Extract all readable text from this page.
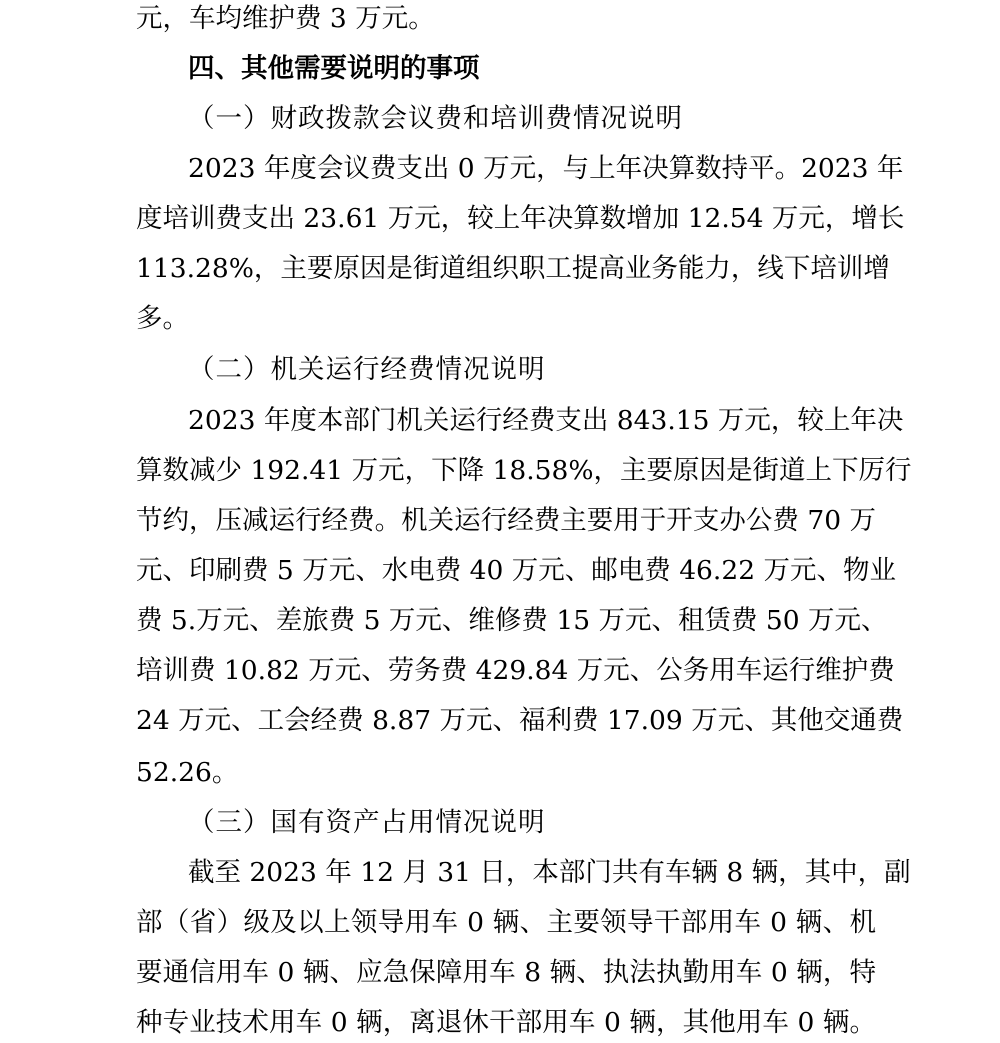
元，车均维护费 3 万元。
四、其他需要说明的事项
（一）财政拨款会议费和培训费情况说明
2023 年度会议费支出 0 万元，与上年决算数持平。2023 年
度培训费支出 23.61 万元，较上年决算数增加 12.54 万元，增长
113.28%，主要原因是街道组织职工提高业务能力，线下培训增
多。
（二）机关运行经费情况说明
2023 年度本部门机关运行经费支出 843.15 万元，较上年决
算数减少 192.41 万元，下降 18.58%，主要原因是街道上下厉行
节约，压减运行经费。机关运行经费主要用于开支办公费 70 万
元、印刷费 5 万元、水电费 40 万元、邮电费 46.22 万元、物业
费 5.万元、差旅费 5 万元、维修费 15 万元、租赁费 50 万元、
培训费 10.82 万元、劳务费 429.84 万元、公务用车运行维护费
24 万元、工会经费 8.87 万元、福利费 17.09 万元、其他交通费
52.26。
（三）国有资产占用情况说明
截至 2023 年 12 月 31 日，本部门共有车辆 8 辆，其中，副
部（省）级及以上领导用车 0 辆、主要领导干部用车 0 辆、机
要通信用车 0 辆、应急保障用车 8 辆、执法执勤用车 0 辆，特
种专业技术用车 0 辆，离退休干部用车 0 辆，其他用车 0 辆。
